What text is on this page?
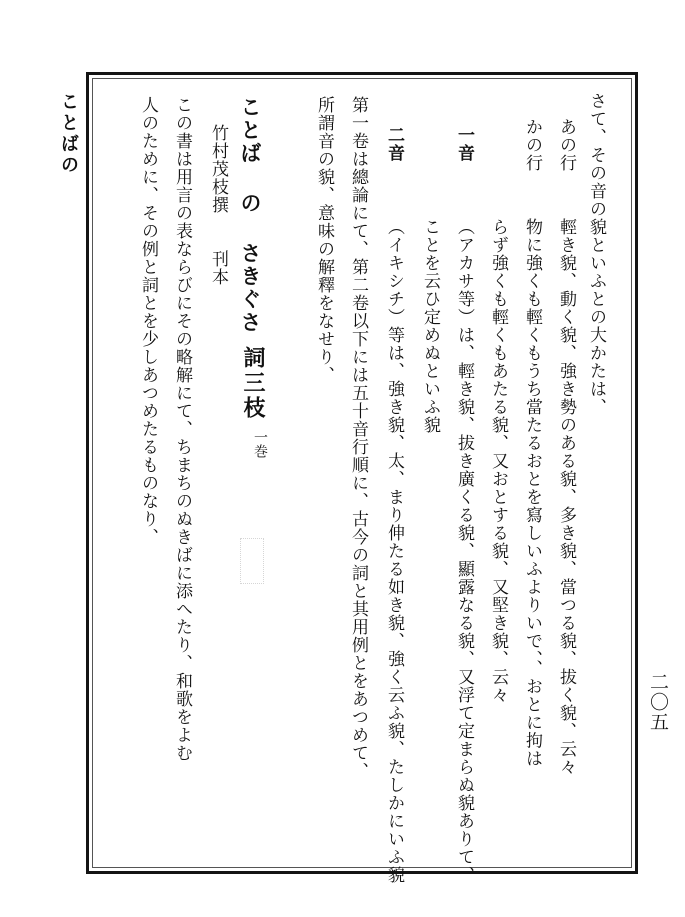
ことばの
二〇五
さて、その音の貌といふとの大かたは、
あの行
輕き貌、動く貌、強き勢のある貌、多き貌、當つる貌、拔く貌、云々
かの行
物に強くも輕くもうち當たるおとを寫しいふよりいで、、おとに拘は
らず強くも輕くもあたる貌、又おとする貌、又堅き貌、云々
一音
（アカサ等）は、輕き貌、拔き廣くる貌、顯露なる貌、又浮て定まらぬ貌ありて、
ことを云ひ定めぬといふ貌
二音
（イキシチ）等は、強き貌、太、まり伸たる如き貌、強く云ふ貌、たしかにいふ貌
第一卷は總論にて、第二卷以下には五十音行順に、古今の詞と其用例とをあつめて、
所謂音の貌、意味の解釋をなせり、
ことば の さきぐさ
詞三枝
一巻
竹村茂枝撰
刊本
この書は用言の表ならびにその略解にて、ちまちのぬきばに添へたり、和歌をよむ
人のために、その例と詞とを少しあつめたるものなり、
